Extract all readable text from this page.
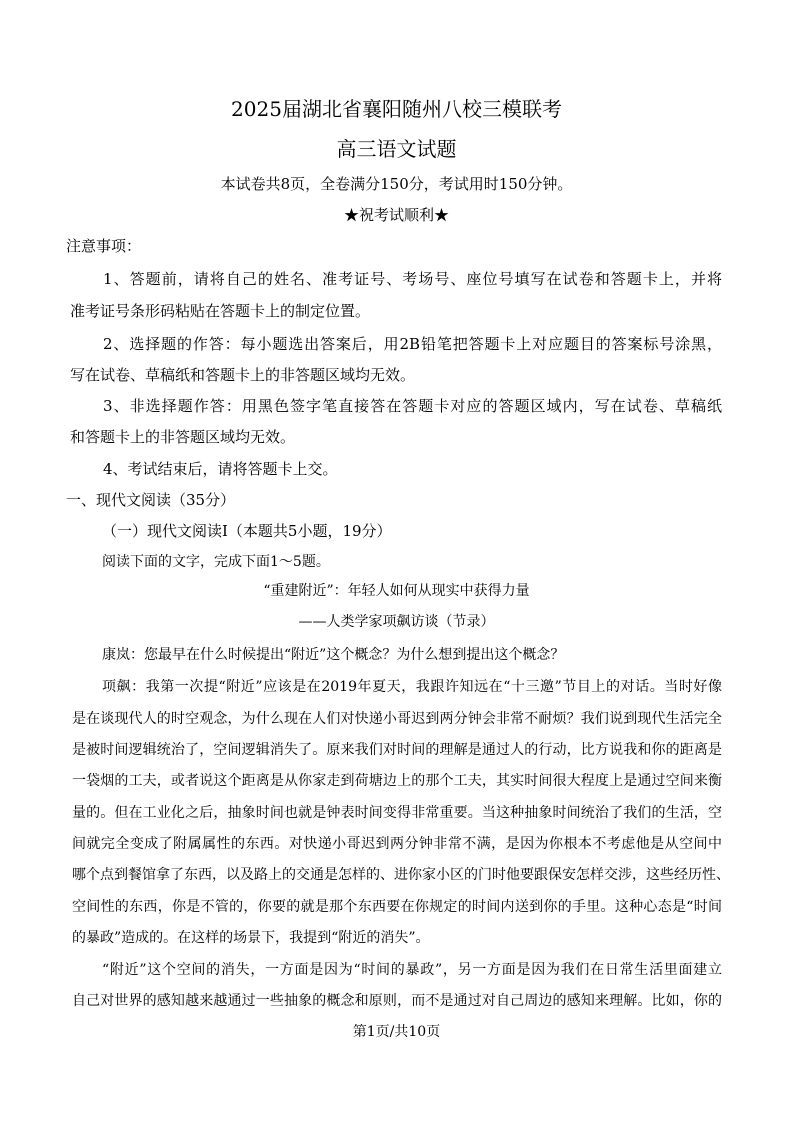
2025届湖北省襄阳随州八校三模联考
高三语文试题
本试卷共8页，全卷满分150分，考试用时150分钟。
★祝考试顺利★
注意事项：
1、答题前，请将自己的姓名、准考证号、考场号、座位号填写在试卷和答题卡上，并将
准考证号条形码粘贴在答题卡上的制定位置。
2、选择题的作答：每小题选出答案后，用2B铅笔把答题卡上对应题目的答案标号涂黑，
写在试卷、草稿纸和答题卡上的非答题区域均无效。
3、非选择题作答：用黑色签字笔直接答在答题卡对应的答题区域内，写在试卷、草稿纸
和答题卡上的非答题区域均无效。
4、考试结束后，请将答题卡上交。
一、现代文阅读（35分）
（一）现代文阅读Ⅰ（本题共5小题，19分）
阅读下面的文字，完成下面1～5题。
“重建附近”：年轻人如何从现实中获得力量
——人类学家项飙访谈（节录）
康岚：您最早在什么时候提出“附近”这个概念？为什么想到提出这个概念？
项飙：我第一次提“附近”应该是在2019年夏天，我跟许知远在“十三邀”节目上的对话。当时好像
是在谈现代人的时空观念，为什么现在人们对快递小哥迟到两分钟会非常不耐烦？我们说到现代生活完全
是被时间逻辑统治了，空间逻辑消失了。原来我们对时间的理解是通过人的行动，比方说我和你的距离是
一袋烟的工夫，或者说这个距离是从你家走到荷塘边上的那个工夫，其实时间很大程度上是通过空间来衡
量的。但在工业化之后，抽象时间也就是钟表时间变得非常重要。当这种抽象时间统治了我们的生活，空
间就完全变成了附属属性的东西。对快递小哥迟到两分钟非常不满，是因为你根本不考虑他是从空间中
哪个点到餐馆拿了东西，以及路上的交通是怎样的、进你家小区的门时他要跟保安怎样交涉，这些经历性、
空间性的东西，你是不管的，你要的就是那个东西要在你规定的时间内送到你的手里。这种心态是“时间
的暴政”造成的。在这样的场景下，我提到“附近的消失”。
“附近”这个空间的消失，一方面是因为“时间的暴政”，另一方面是因为我们在日常生活里面建立
自己对世界的感知越来越通过一些抽象的概念和原则，而不是通过对自己周边的感知来理解。比如，你的
第1页/共10页
